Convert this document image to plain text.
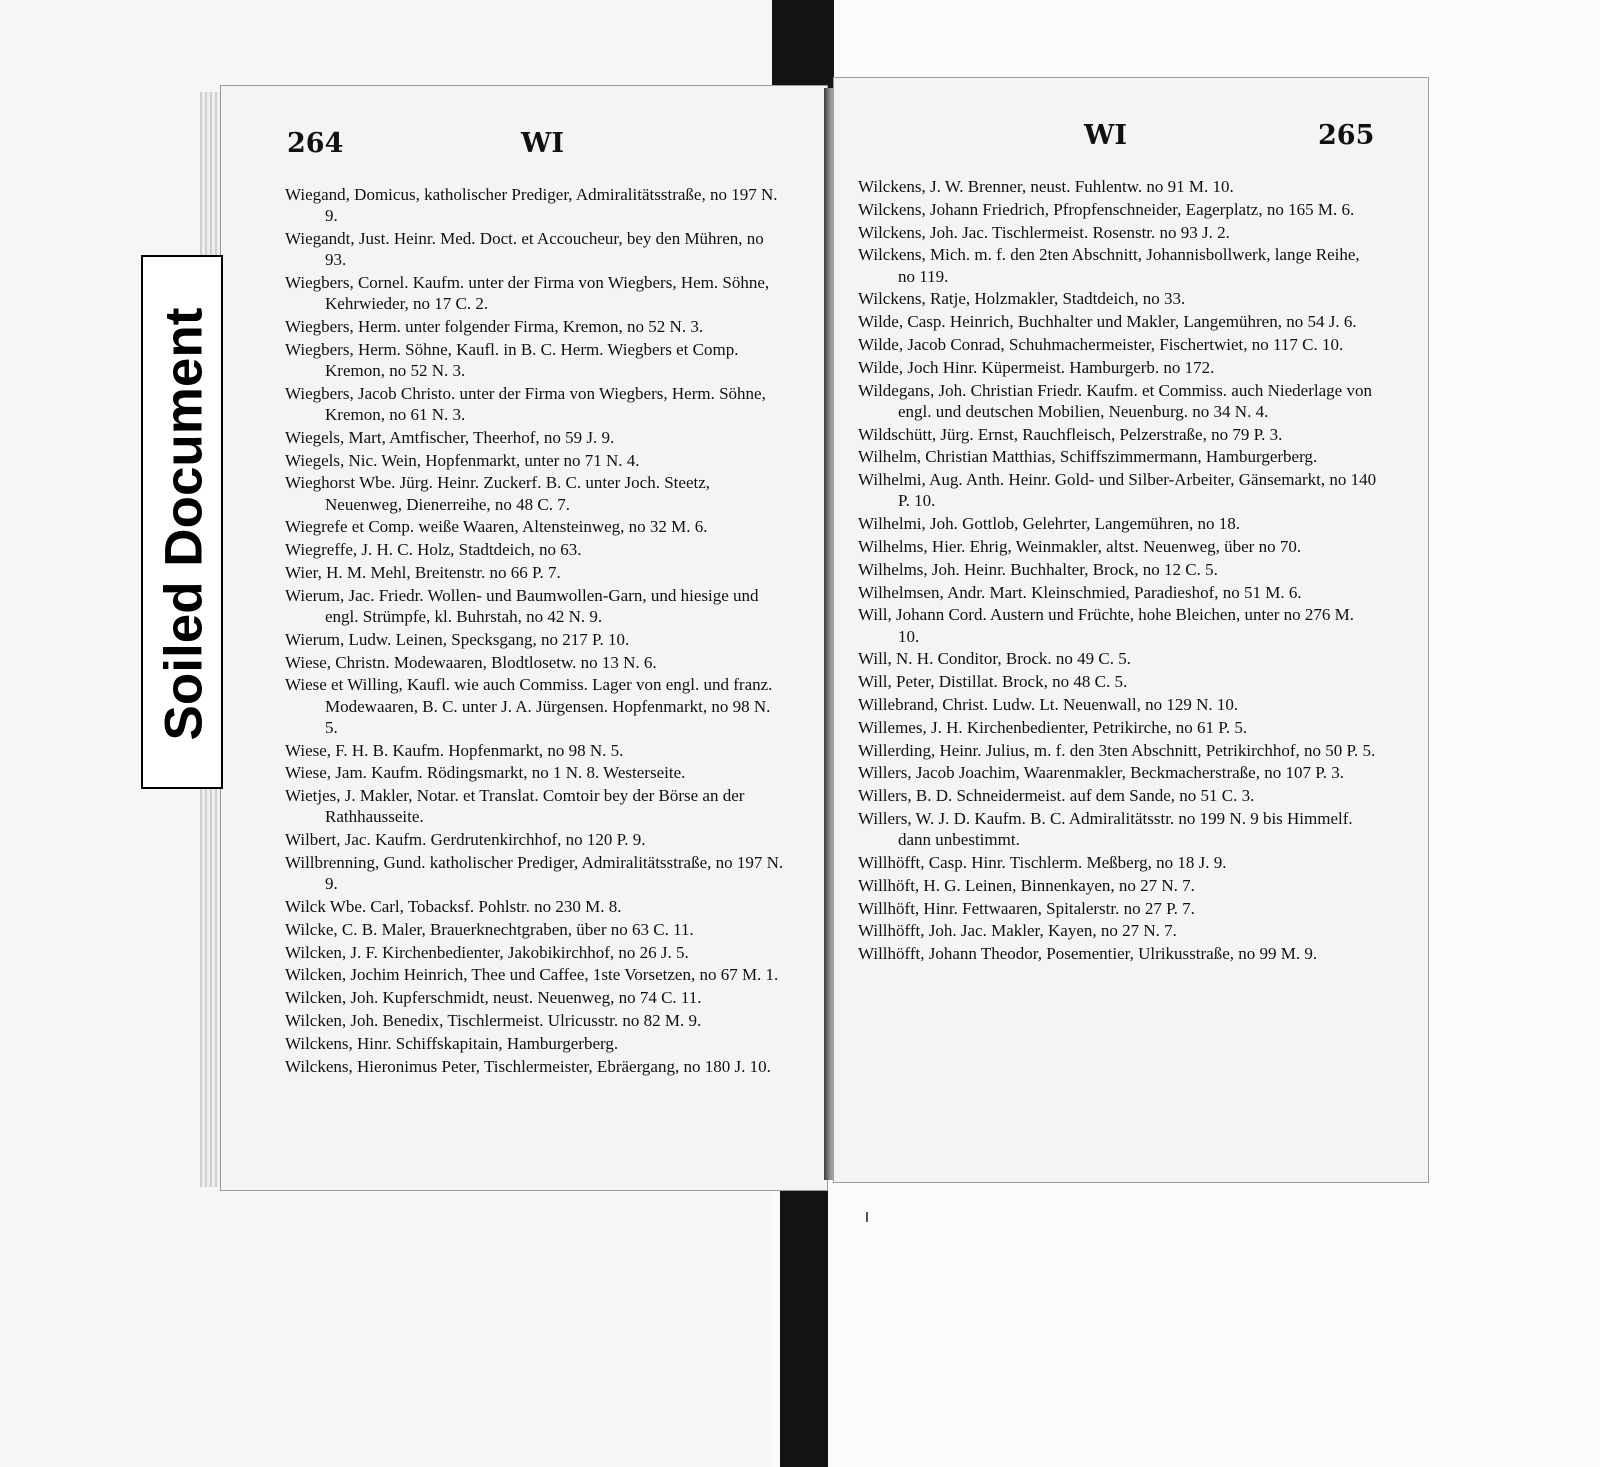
264	WI
Wiegand, Domicus, katholischer Prediger, Admiralitätsstraße, no 197 N. 9.
Wiegandt, Just. Heinr. Med. Doct. et Accoucheur, bey den Mühren, no 93.
Wiegbers, Cornel. Kaufm. unter der Firma von Wiegbers, Hem. Söhne, Kehrwieder, no 17 C. 2.
Wiegbers, Herm. unter folgender Firma, Kremon, no 52 N. 3.
Wiegbers, Herm. Söhne, Kaufl. in B. C. Herm. Wiegbers et Comp. Kremon, no 52 N. 3.
Wiegbers, Jacob Christo. unter der Firma von Wiegbers, Herm. Söhne, Kremon, no 61 N. 3.
Wiegels, Mart, Amtfischer, Theerhof, no 59 J. 9.
Wiegels, Nic. Wein, Hopfenmarkt, unter no 71 N. 4.
Wieghorst Wbe. Jürg. Heinr. Zuckerf. B. C. unter Joch. Steetz, Neuenweg, Dienerreihe, no 48 C. 7.
Wiegrefe et Comp. weiße Waaren, Altensteinweg, no 32 M. 6.
Wiegreffe, J. H. C. Holz, Stadtdeich, no 63.
Wier, H. M. Mehl, Breitenstr. no 66 P. 7.
Wierum, Jac. Friedr. Wollen- und Baumwollen-Garn, und hiesige und engl. Strümpfe, kl. Buhrstah, no 42 N. 9.
Wierum, Ludw. Leinen, Specksgang, no 217 P. 10.
Wiese, Christn. Modewaaren, Blodtlosetw. no 13 N. 6.
Wiese et Willing, Kaufl. wie auch Commiss. Lager von engl. und franz. Modewaaren, B. C. unter J. A. Jürgensen. Hopfenmarkt, no 98 N. 5.
Wiese, F. H. B. Kaufm. Hopfenmarkt, no 98 N. 5.
Wiese, Jam. Kaufm. Rödingsmarkt, no 1 N. 8. Westerseite.
Wietjes, J. Makler, Notar. et Translat. Comtoir bey der Börse an der Rathhausseite.
Wilbert, Jac. Kaufm. Gerdrutenkirchhof, no 120 P. 9.
Willbrenning, Gund. katholischer Prediger, Admiralitätsstraße, no 197 N. 9.
Wilck Wbe. Carl, Tobacksf. Pohlstr. no 230 M. 8.
Wilcke, C. B. Maler, Brauerknechtgraben, über no 63 C. 11.
Wilcken, J. F. Kirchenbedienter, Jakobikirchhof, no 26 J. 5.
Wilcken, Jochim Heinrich, Thee und Caffee, 1ste Vorsetzen, no 67 M. 1.
Wilcken, Joh. Kupferschmidt, neust. Neuenweg, no 74 C. 11.
Wilcken, Joh. Benedix, Tischlermeist. Ulricusstr. no 82 M. 9.
Wilckens, Hinr. Schiffskapitain, Hamburgerberg.
Wilckens, Hieronimus Peter, Tischlermeister, Ebräergang, no 180 J. 10.
WI	265
Wilckens, J. W. Brenner, neust. Fuhlentw. no 91 M. 10.
Wilckens, Johann Friedrich, Pfropfenschneider, Eagerplatz, no 165 M. 6.
Wilckens, Joh. Jac. Tischlermeist. Rosenstr. no 93 J. 2.
Wilckens, Mich. m. f. den 2ten Abschnitt, Johannisbollwerk, lange Reihe, no 119.
Wilckens, Ratje, Holzmakler, Stadtdeich, no 33.
Wilde, Casp. Heinrich, Buchhalter und Makler, Langemühren, no 54 J. 6.
Wilde, Jacob Conrad, Schuhmachermeister, Fischertwiet, no 117 C. 10.
Wilde, Joch Hinr. Küpermeist. Hamburgerb. no 172.
Wildegans, Joh. Christian Friedr. Kaufm. et Commiss. auch Niederlage von engl. und deutschen Mobilien, Neuenburg. no 34 N. 4.
Wildschütt, Jürg. Ernst, Rauchfleisch, Pelzerstraße, no 79 P. 3.
Wilhelm, Christian Matthias, Schiffszimmermann, Hamburgerberg.
Wilhelmi, Aug. Anth. Heinr. Gold- und Silber-Arbeiter, Gänsemarkt, no 140 P. 10.
Wilhelmi, Joh. Gottlob, Gelehrter, Langemühren, no 18.
Wilhelms, Hier. Ehrig, Weinmakler, altst. Neuenweg, über no 70.
Wilhelms, Joh. Heinr. Buchhalter, Brock, no 12 C. 5.
Wilhelmsen, Andr. Mart. Kleinschmied, Paradieshof, no 51 M. 6.
Will, Johann Cord. Austern und Früchte, hohe Bleichen, unter no 276 M. 10.
Will, N. H. Conditor, Brock. no 49 C. 5.
Will, Peter, Distillat. Brock, no 48 C. 5.
Willebrand, Christ. Ludw. Lt. Neuenwall, no 129 N. 10.
Willemes, J. H. Kirchenbedienter, Petrikirche, no 61 P. 5.
Willerding, Heinr. Julius, m. f. den 3ten Abschnitt, Petrikirchhof, no 50 P. 5.
Willers, Jacob Joachim, Waarenmakler, Beckmacherstraße, no 107 P. 3.
Willers, B. D. Schneidermeist. auf dem Sande, no 51 C. 3.
Willers, W. J. D. Kaufm. B. C. Admiralitätsstr. no 199 N. 9 bis Himmelf. dann unbestimmt.
Willhöfft, Casp. Hinr. Tischlerm. Meßberg, no 18 J. 9.
Willhöft, H. G. Leinen, Binnenkayen, no 27 N. 7.
Willhöft, Hinr. Fettwaaren, Spitalerstr. no 27 P. 7.
Willhöfft, Joh. Jac. Makler, Kayen, no 27 N. 7.
Willhöfft, Johann Theodor, Posementier, Ulrikusstraße, no 99 M. 9.
Soiled Document
